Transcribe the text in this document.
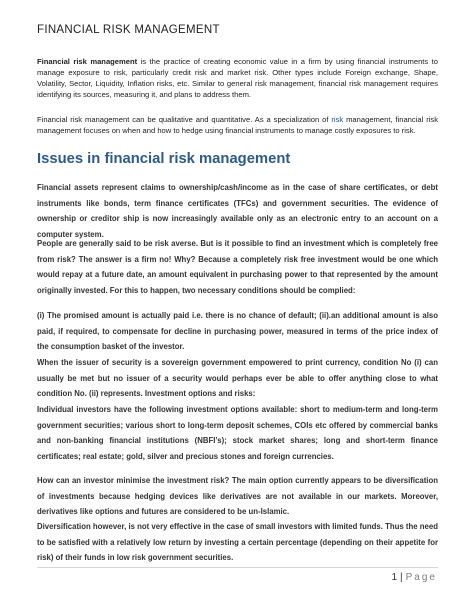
FINANCIAL RISK MANAGEMENT
Financial risk management is the practice of creating economic value in a firm by using financial instruments to manage exposure to risk, particularly credit risk and market risk. Other types include Foreign exchange, Shape, Volatility, Sector, Liquidity, Inflation risks, etc. Similar to general risk management, financial risk management requires identifying its sources, measuring it, and plans to address them.
Financial risk management can be qualitative and quantitative. As a specialization of risk management, financial risk management focuses on when and how to hedge using financial instruments to manage costly exposures to risk.
Issues in financial risk management
Financial assets represent claims to ownership/cash/income as in the case of share certificates, or debt instruments like bonds, term finance certificates (TFCs) and government securities. The evidence of ownership or creditor ship is now increasingly available only as an electronic entry to an account on a computer system.
People are generally said to be risk averse. But is it possible to find an investment which is completely free from risk? The answer is a firm no! Why? Because a completely risk free investment would be one which would repay at a future date, an amount equivalent in purchasing power to that represented by the amount originally invested. For this to happen, two necessary conditions should be complied:
(i) The promised amount is actually paid i.e. there is no chance of default; (ii).an additional amount is also paid, if required, to compensate for decline in purchasing power, measured in terms of the price index of the consumption basket of the investor.
When the issuer of security is a sovereign government empowered to print currency, condition No (i) can usually be met but no issuer of a security would perhaps ever be able to offer anything close to what condition No. (ii) represents. Investment options and risks:
Individual investors have the following investment options available: short to medium-term and long-term government securities; various short to long-term deposit schemes, COIs etc offered by commercial banks and non-banking financial institutions (NBFI’s); stock market shares; long and short-term finance certificates; real estate; gold, silver and precious stones and foreign currencies.
How can an investor minimise the investment risk? The main option currently appears to be diversification of investments because hedging devices like derivatives are not available in our markets. Moreover, derivatives like options and futures are considered to be un-Islamic.
Diversification however, is not very effective in the case of small investors with limited funds. Thus the need to be satisfied with a relatively low return by investing a certain percentage (depending on their appetite for risk) of their funds in low risk government securities.
1 | Page
